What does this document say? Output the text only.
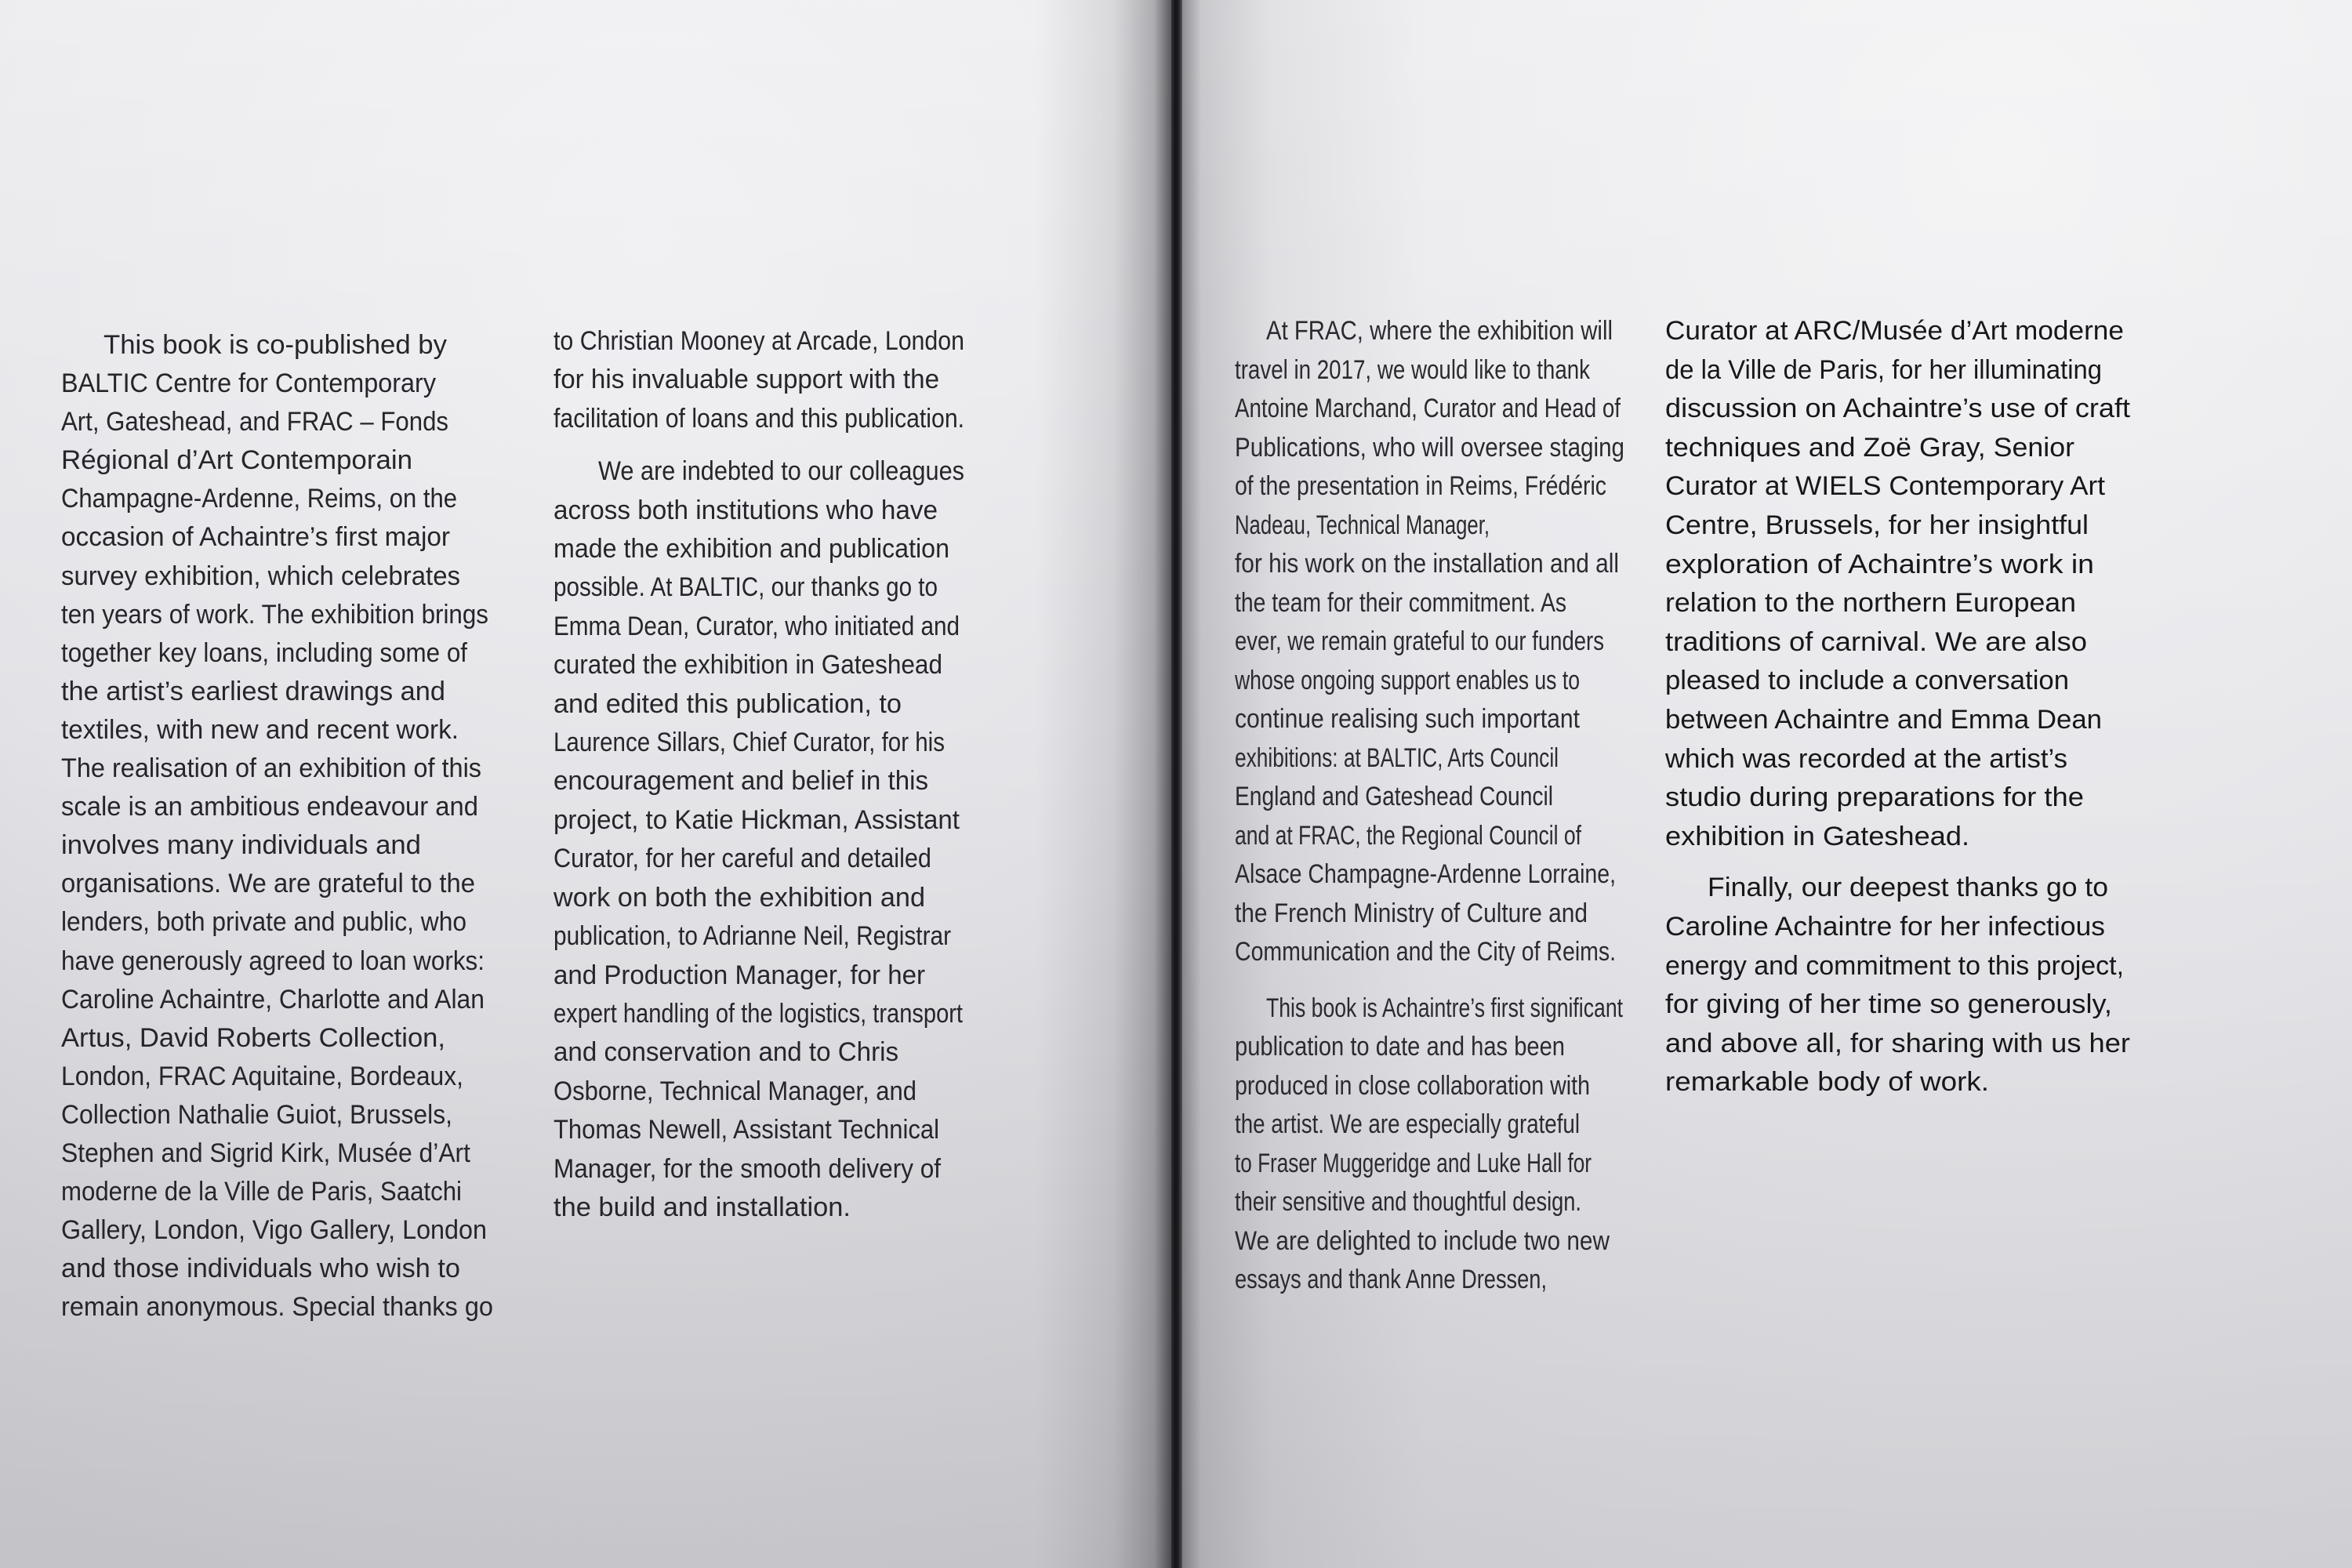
This book is co-published by
BALTIC Centre for Contemporary
Art, Gateshead, and FRAC – Fonds
Régional d’Art Contemporain
Champagne-Ardenne, Reims, on the
occasion of Achaintre’s first major
survey exhibition, which celebrates
ten years of work. The exhibition brings
together key loans, including some of
the artist’s earliest drawings and
textiles, with new and recent work.
The realisation of an exhibition of this
scale is an ambitious endeavour and
involves many individuals and
organisations. We are grateful to the
lenders, both private and public, who
have generously agreed to loan works:
Caroline Achaintre, Charlotte and Alan
Artus, David Roberts Collection,
London, FRAC Aquitaine, Bordeaux,
Collection Nathalie Guiot, Brussels,
Stephen and Sigrid Kirk, Musée d’Art
moderne de la Ville de Paris, Saatchi
Gallery, London, Vigo Gallery, London
and those individuals who wish to
remain anonymous. Special thanks go
to Christian Mooney at Arcade, London
for his invaluable support with the
facilitation of loans and this publication.
We are indebted to our colleagues
across both institutions who have
made the exhibition and publication
possible. At BALTIC, our thanks go to
Emma Dean, Curator, who initiated and
curated the exhibition in Gateshead
and edited this publication, to
Laurence Sillars, Chief Curator, for his
encouragement and belief in this
project, to Katie Hickman, Assistant
Curator, for her careful and detailed
work on both the exhibition and
publication, to Adrianne Neil, Registrar
and Production Manager, for her
expert handling of the logistics, transport
and conservation and to Chris
Osborne, Technical Manager, and
Thomas Newell, Assistant Technical
Manager, for the smooth delivery of
the build and installation.
At FRAC, where the exhibition will
travel in 2017, we would like to thank
Antoine Marchand, Curator and Head of
Publications, who will oversee staging
of the presentation in Reims, Frédéric
Nadeau, Technical Manager,
for his work on the installation and all
the team for their commitment. As
ever, we remain grateful to our funders
whose ongoing support enables us to
continue realising such important
exhibitions: at BALTIC, Arts Council
England and Gateshead Council
and at FRAC, the Regional Council of
Alsace Champagne-Ardenne Lorraine,
the French Ministry of Culture and
Communication and the City of Reims.
This book is Achaintre’s first significant
publication to date and has been
produced in close collaboration with
the artist. We are especially grateful
to Fraser Muggeridge and Luke Hall for
their sensitive and thoughtful design.
We are delighted to include two new
essays and thank Anne Dressen,
Curator at ARC/Musée d’Art moderne
de la Ville de Paris, for her illuminating
discussion on Achaintre’s use of craft
techniques and Zoë Gray, Senior
Curator at WIELS Contemporary Art
Centre, Brussels, for her insightful
exploration of Achaintre’s work in
relation to the northern European
traditions of carnival. We are also
pleased to include a conversation
between Achaintre and Emma Dean
which was recorded at the artist’s
studio during preparations for the
exhibition in Gateshead.
Finally, our deepest thanks go to
Caroline Achaintre for her infectious
energy and commitment to this project,
for giving of her time so generously,
and above all, for sharing with us her
remarkable body of work.
